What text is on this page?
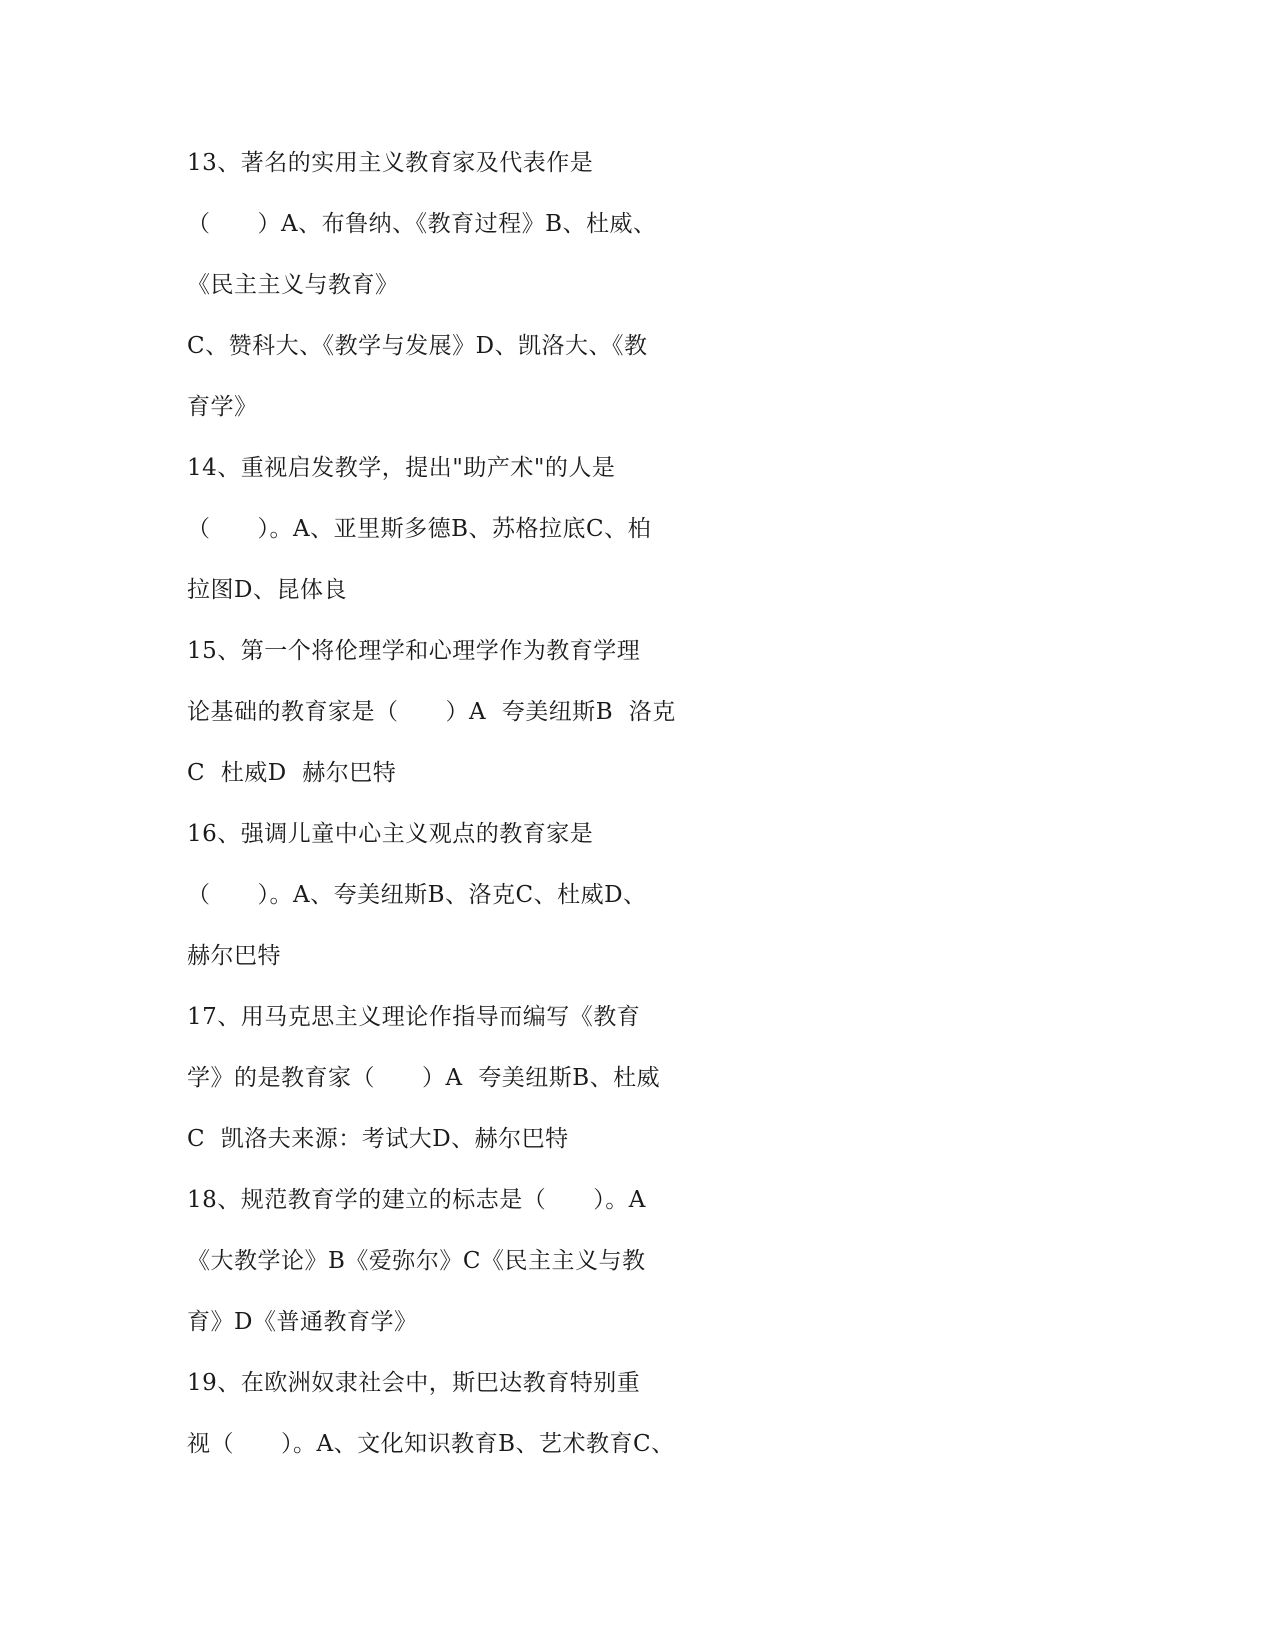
13、著名的实用主义教育家及代表作是
（　　）A、布鲁纳、《教育过程》B、杜威、
《民主主义与教育》
C、赞科大、《教学与发展》D、凯洛大、《教
育学》
14、重视启发教学，提出"助产术"的人是
（　　）。A、亚里斯多德B、苏格拉底C、柏
拉图D、昆体良
15、第一个将伦理学和心理学作为教育学理
论基础的教育家是（　　）A  夸美纽斯B  洛克
C  杜威D  赫尔巴特
16、强调儿童中心主义观点的教育家是
（　　）。A、夸美纽斯B、洛克C、杜威D、
赫尔巴特
17、用马克思主义理论作指导而编写《教育
学》的是教育家（　　）A  夸美纽斯B、杜威
C  凯洛夫来源：考试大D、赫尔巴特
18、规范教育学的建立的标志是（　　）。A
《大教学论》B《爱弥尔》C《民主主义与教
育》D《普通教育学》
19、在欧洲奴隶社会中，斯巴达教育特别重
视（　　）。A、文化知识教育B、艺术教育C、
